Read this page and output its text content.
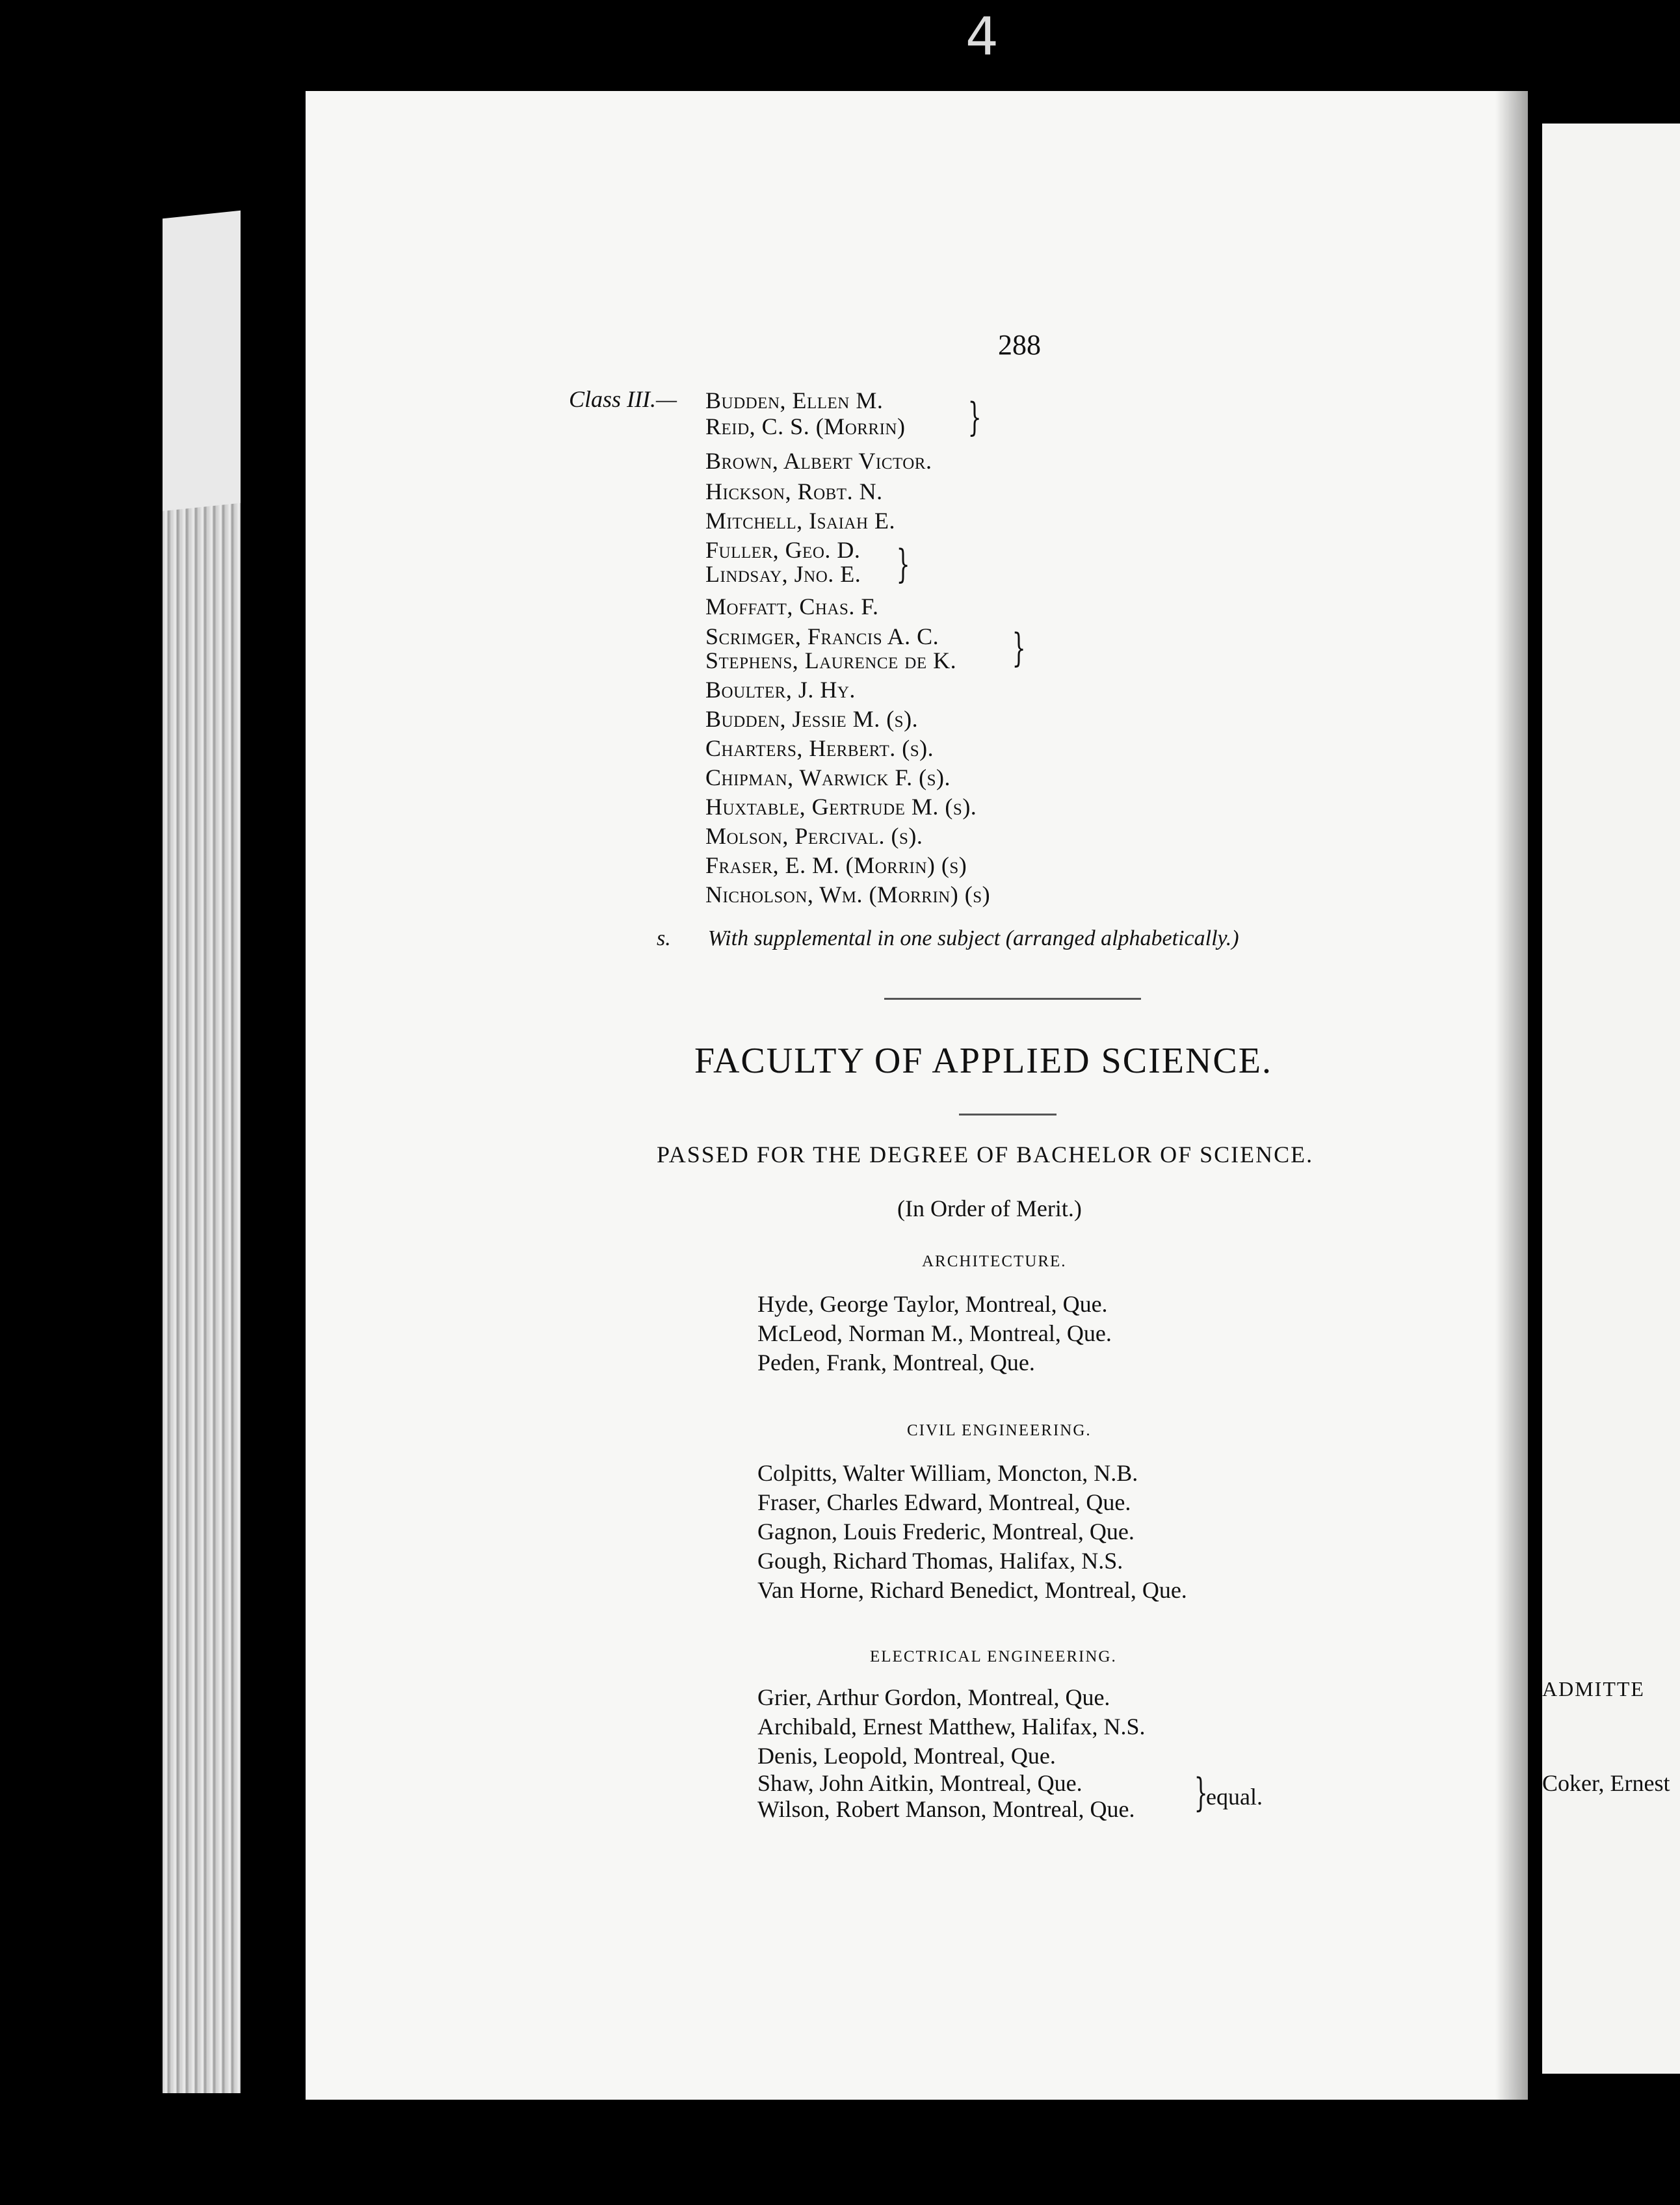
4
ADMITTE
Coker, Ernest
288
Class III.— Budden, Ellen M.
Reid, C. S. (Morrin)
Brown, Albert Victor.
Hickson, Robt. N.
Mitchell, Isaiah E.
Fuller, Geo. D.
Lindsay, Jno. E.
Moffatt, Chas. F.
Scrimger, Francis A. C.
Stephens, Laurence de K.
Boulter, J. Hy.
Budden, Jessie M. (s).
Charters, Herbert. (s).
Chipman, Warwick F. (s).
Huxtable, Gertrude M. (s).
Molson, Percival. (s).
Fraser, E. M. (Morrin) (s)
Nicholson, Wm. (Morrin) (s)
}
}
}
s. With supplemental in one subject (arranged alphabetically.)
FACULTY OF APPLIED SCIENCE.
PASSED FOR THE DEGREE OF BACHELOR OF SCIENCE.
(In Order of Merit.)
ARCHITECTURE.
Hyde, George Taylor, Montreal, Que.
McLeod, Norman M., Montreal, Que.
Peden, Frank, Montreal, Que.
CIVIL ENGINEERING.
Colpitts, Walter William, Moncton, N.B.
Fraser, Charles Edward, Montreal, Que.
Gagnon, Louis Frederic, Montreal, Que.
Gough, Richard Thomas, Halifax, N.S.
Van Horne, Richard Benedict, Montreal, Que.
ELECTRICAL ENGINEERING.
Grier, Arthur Gordon, Montreal, Que.
Archibald, Ernest Matthew, Halifax, N.S.
Denis, Leopold, Montreal, Que.
Shaw, John Aitkin, Montreal, Que.
Wilson, Robert Manson, Montreal, Que. }
equal.
